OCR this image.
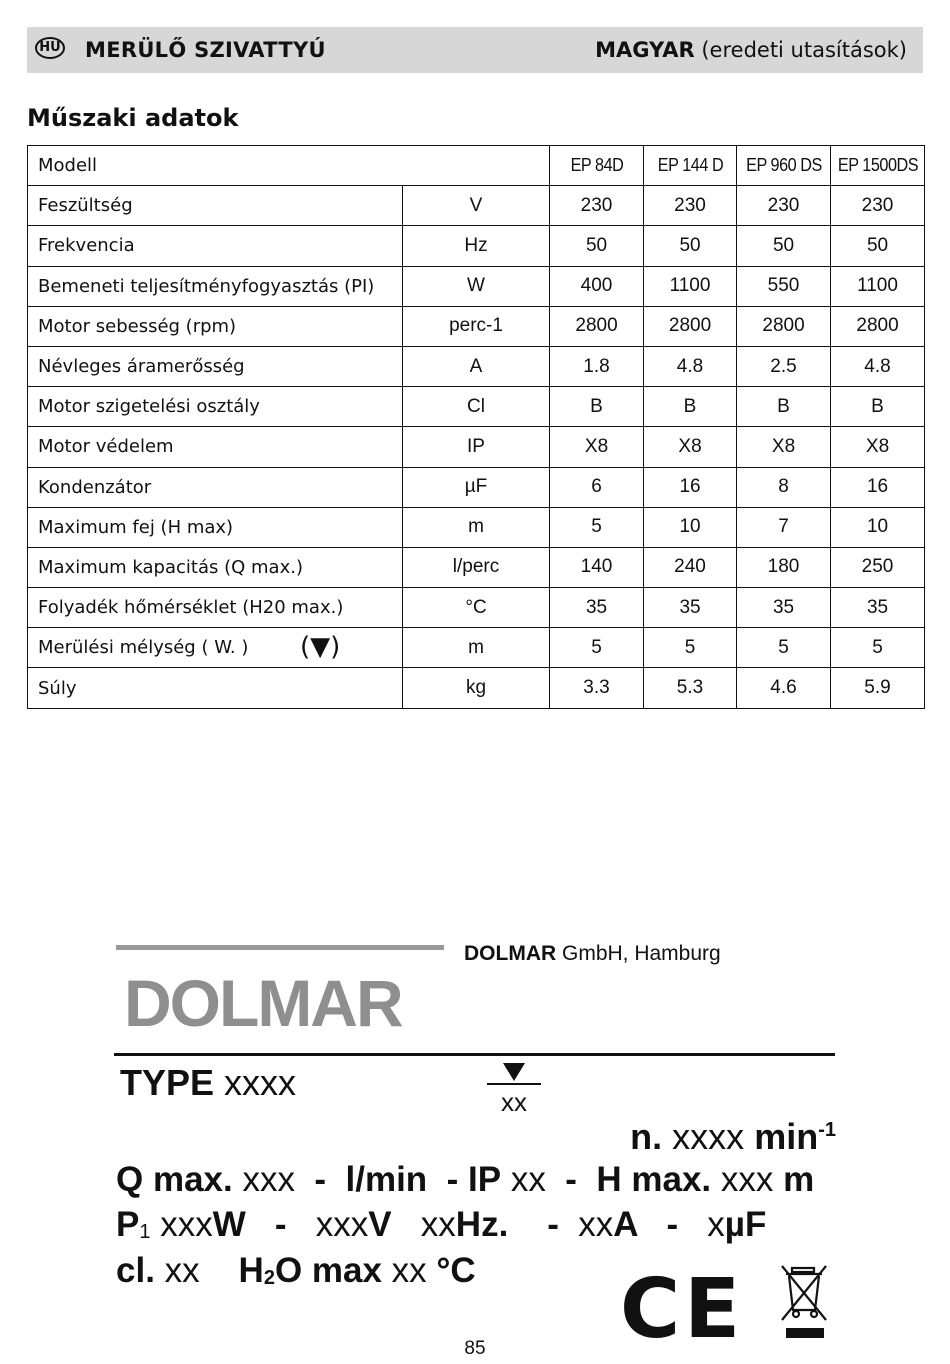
HU MERÜLŐ SZIVATTYÚ	MAGYAR (eredeti utasítások)
Műszaki adatok
Modell		EP 84D	EP 144 D	EP 960 DS	EP 1500DS
Feszültség	V	230	230	230	230
Frekvencia	Hz	50	50	50	50
Bemeneti teljesítményfogyasztás (PI)	W	400	1100	550	1100
Motor sebesség (rpm)	perc-1	2800	2800	2800	2800
Névleges áramerősség	A	1.8	4.8	2.5	4.8
Motor szigetelési osztály	Cl	B	B	B	B
Motor védelem	IP	X8	X8	X8	X8
Kondenzátor	µF	6	16	8	16
Maximum fej (H max)	m	5	10	7	10
Maximum kapacitás (Q max.)	l/perc	140	240	180	250
Folyadék hőmérséklet (H20 max.)	°C	35	35	35	35
Merülési mélység ( W. ) (▼)	m	5	5	5	5
Súly	kg	3.3	5.3	4.6	5.9
DOLMAR GmbH, Hamburg
DOLMAR
TYPE xxxx	xx
n. xxxx $\min^{-1}$
Q max. xxx  -  l/min  - IP xx  -  H max. xxx m
$P_1$ xxxW   -   xxxV   xxHz.    -  xxA   -   xµF
cl. xx    $H_2O$ max xx °C CE
85
